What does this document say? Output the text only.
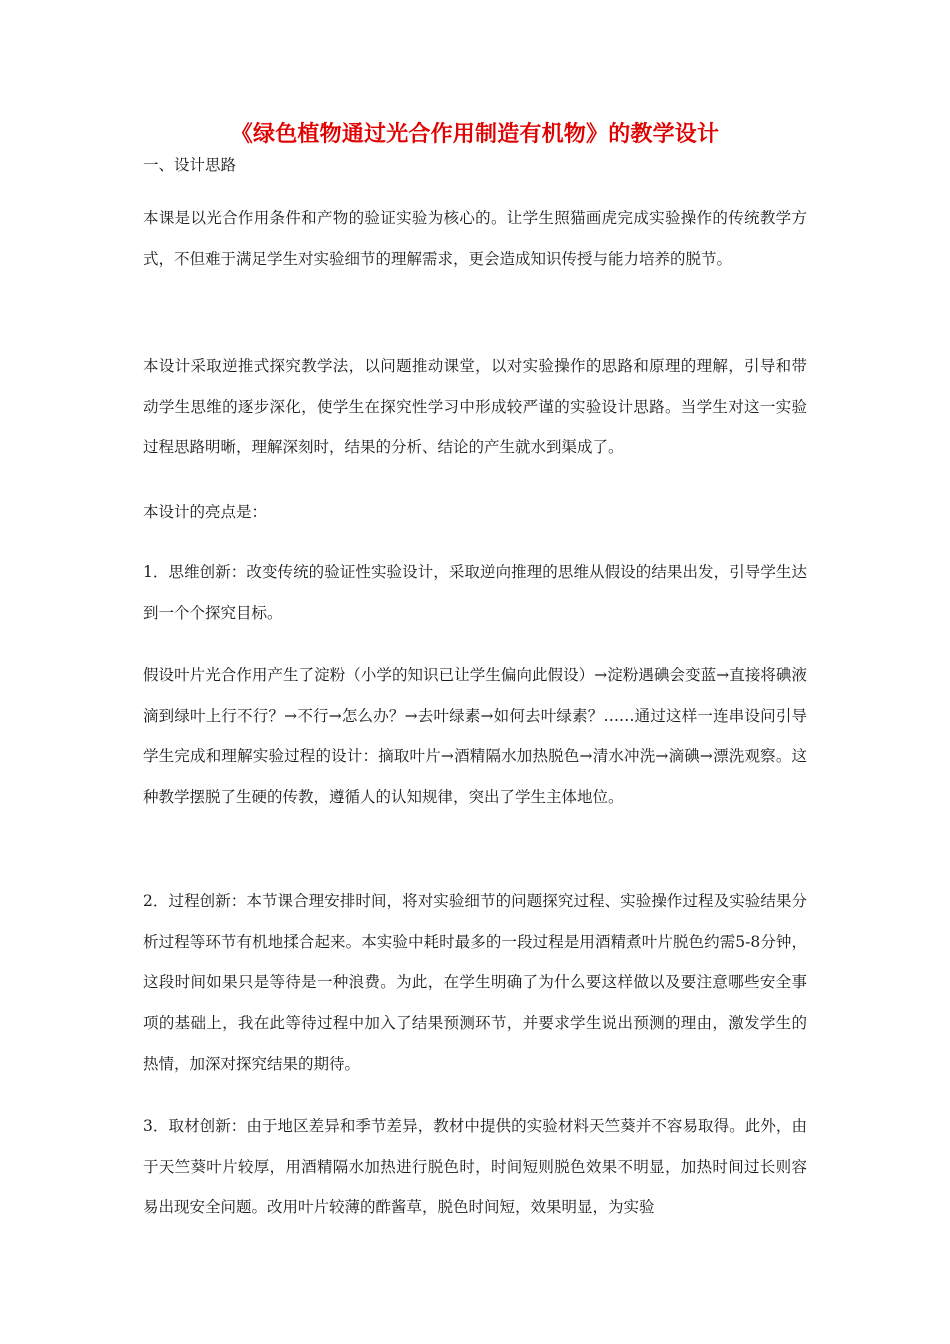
《绿色植物通过光合作用制造有机物》的教学设计
一、设计思路

本课是以光合作用条件和产物的验证实验为核心的。让学生照猫画虎完成实验操作的传统教学方式，不但难于满足学生对实验细节的理解需求，更会造成知识传授与能力培养的脱节。

本设计采取逆推式探究教学法，以问题推动课堂，以对实验操作的思路和原理的理解，引导和带动学生思维的逐步深化，使学生在探究性学习中形成较严谨的实验设计思路。当学生对这一实验过程思路明晰，理解深刻时，结果的分析、结论的产生就水到渠成了。

本设计的亮点是：

1．思维创新：改变传统的验证性实验设计，采取逆向推理的思维从假设的结果出发，引导学生达到一个个探究目标。

假设叶片光合作用产生了淀粉（小学的知识已让学生偏向此假设）→淀粉遇碘会变蓝→直接将碘液滴到绿叶上行不行？→不行→怎么办？→去叶绿素→如何去叶绿素？……通过这样一连串设问引导学生完成和理解实验过程的设计：摘取叶片→酒精隔水加热脱色→清水冲洗→滴碘→漂洗观察。这种教学摆脱了生硬的传教，遵循人的认知规律，突出了学生主体地位。

2．过程创新：本节课合理安排时间，将对实验细节的问题探究过程、实验操作过程及实验结果分析过程等环节有机地揉合起来。本实验中耗时最多的一段过程是用酒精煮叶片脱色约需5-8分钟，这段时间如果只是等待是一种浪费。为此，在学生明确了为什么要这样做以及要注意哪些安全事项的基础上，我在此等待过程中加入了结果预测环节，并要求学生说出预测的理由，激发学生的热情，加深对探究结果的期待。

3．取材创新：由于地区差异和季节差异，教材中提供的实验材料天竺葵并不容易取得。此外，由于天竺葵叶片较厚，用酒精隔水加热进行脱色时，时间短则脱色效果不明显，加热时间过长则容易出现安全问题。改用叶片较薄的酢酱草，脱色时间短，效果明显，为实验
